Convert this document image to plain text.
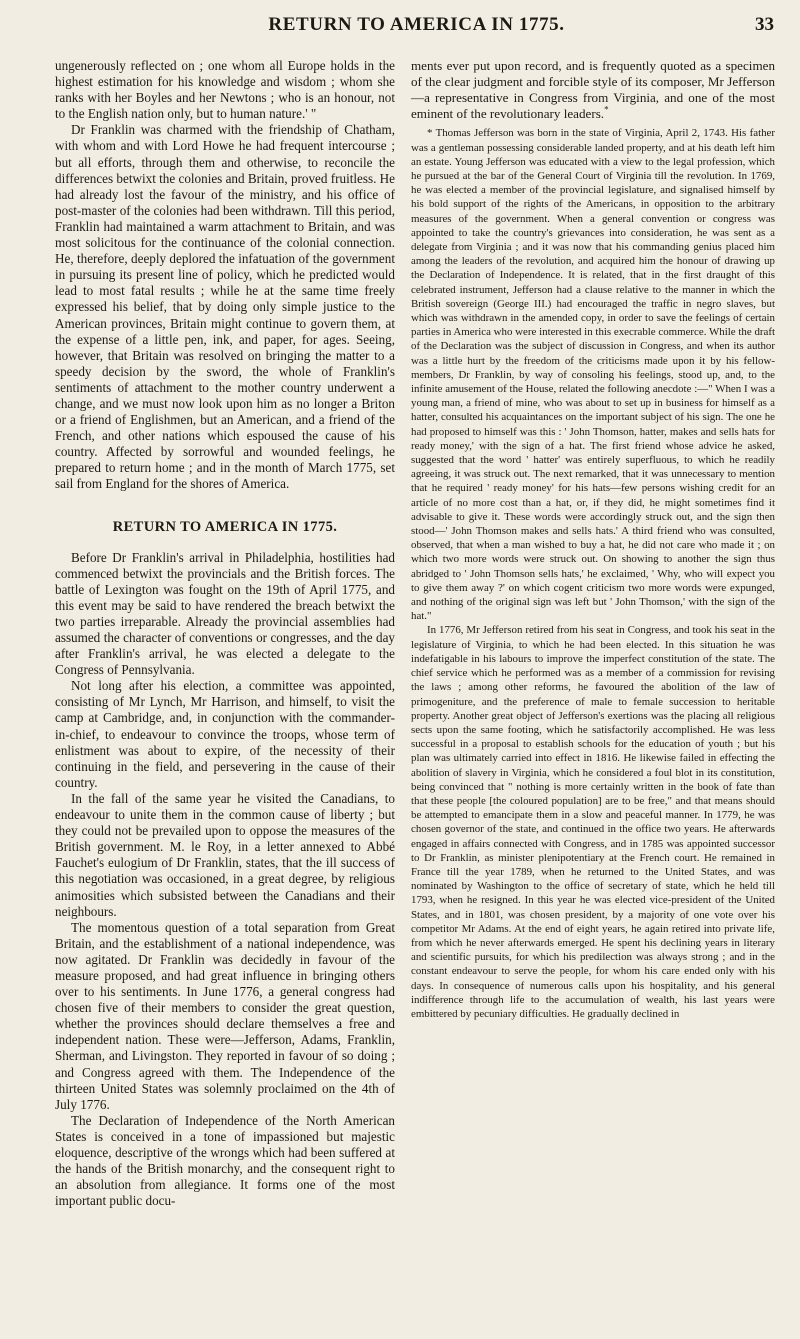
RETURN TO AMERICA IN 1775.	33

ungenerously reflected on ; one whom all Europe holds in the highest estimation for his knowledge and wisdom ; whom she ranks with her Boyles and her Newtons ; who is an honour, not to the English nation only, but to human nature.' "

Dr Franklin was charmed with the friendship of Chatham, with whom and with Lord Howe he had frequent intercourse ; but all efforts, through them and otherwise, to reconcile the differences betwixt the colonies and Britain, proved fruitless. He had already lost the favour of the ministry, and his office of post-master of the colonies had been withdrawn. Till this period, Franklin had maintained a warm attachment to Britain, and was most solicitous for the continuance of the colonial connection. He, therefore, deeply deplored the infatuation of the government in pursuing its present line of policy, which he predicted would lead to most fatal results ; while he at the same time freely expressed his belief, that by doing only simple justice to the American provinces, Britain might continue to govern them, at the expense of a little pen, ink, and paper, for ages. Seeing, however, that Britain was resolved on bringing the matter to a speedy decision by the sword, the whole of Franklin's sentiments of attachment to the mother country underwent a change, and we must now look upon him as no longer a Briton or a friend of Englishmen, but an American, and a friend of the French, and other nations which espoused the cause of his country. Affected by sorrowful and wounded feelings, he prepared to return home ; and in the month of March 1775, set sail from England for the shores of America.

RETURN TO AMERICA IN 1775.

Before Dr Franklin's arrival in Philadelphia, hostilities had commenced betwixt the provincials and the British forces. The battle of Lexington was fought on the 19th of April 1775, and this event may be said to have rendered the breach betwixt the two parties irreparable. Already the provincial assemblies had assumed the character of conventions or congresses, and the day after Franklin's arrival, he was elected a delegate to the Congress of Pennsylvania.

Not long after his election, a committee was appointed, consisting of Mr Lynch, Mr Harrison, and himself, to visit the camp at Cambridge, and, in conjunction with the commander-in-chief, to endeavour to convince the troops, whose term of enlistment was about to expire, of the necessity of their continuing in the field, and persevering in the cause of their country.

In the fall of the same year he visited the Canadians, to endeavour to unite them in the common cause of liberty ; but they could not be prevailed upon to oppose the measures of the British government. M. le Roy, in a letter annexed to Abbé Fauchet's eulogium of Dr Franklin, states, that the ill success of this negotiation was occasioned, in a great degree, by religious animosities which subsisted between the Canadians and their neighbours.

The momentous question of a total separation from Great Britain, and the establishment of a national independence, was now agitated. Dr Franklin was decidedly in favour of the measure proposed, and had great influence in bringing others over to his sentiments. In June 1776, a general congress had chosen five of their members to consider the great question, whether the provinces should declare themselves a free and independent nation. These were—Jefferson, Adams, Franklin, Sherman, and Livingston. They reported in favour of so doing ; and Congress agreed with them. The Independence of the thirteen United States was solemnly proclaimed on the 4th of July 1776.

The Declaration of Independence of the North American States is conceived in a tone of impassioned but majestic eloquence, descriptive of the wrongs which had been suffered at the hands of the British monarchy, and the consequent right to an absolution from allegiance. It forms one of the most important public docu-

ments ever put upon record, and is frequently quoted as a specimen of the clear judgment and forcible style of its composer, Mr Jefferson—a representative in Congress from Virginia, and one of the most eminent of the revolutionary leaders.*

* Thomas Jefferson was born in the state of Virginia, April 2, 1743. His father was a gentleman possessing considerable landed property, and at his death left him an estate. Young Jefferson was educated with a view to the legal profession, which he pursued at the bar of the General Court of Virginia till the revolution. In 1769, he was elected a member of the provincial legislature, and signalised himself by his bold support of the rights of the Americans, in opposition to the arbitrary measures of the government. When a general convention or congress was appointed to take the country's grievances into consideration, he was sent as a delegate from Virginia ; and it was now that his commanding genius placed him among the leaders of the revolution, and acquired him the honour of drawing up the Declaration of Independence. It is related, that in the first draught of this celebrated instrument, Jefferson had a clause relative to the manner in which the British sovereign (George III.) had encouraged the traffic in negro slaves, but which was withdrawn in the amended copy, in order to save the feelings of certain parties in America who were interested in this execrable commerce. While the draft of the Declaration was the subject of discussion in Congress, and when its author was a little hurt by the freedom of the criticisms made upon it by his fellow-members, Dr Franklin, by way of consoling his feelings, stood up, and, to the infinite amusement of the House, related the following anecdote :—" When I was a young man, a friend of mine, who was about to set up in business for himself as a hatter, consulted his acquaintances on the important subject of his sign. The one he had proposed to himself was this : ' John Thomson, hatter, makes and sells hats for ready money,' with the sign of a hat. The first friend whose advice he asked, suggested that the word ' hatter' was entirely superfluous, to which he readily agreeing, it was struck out. The next remarked, that it was unnecessary to mention that he required ' ready money' for his hats—few persons wishing credit for an article of no more cost than a hat, or, if they did, he might sometimes find it advisable to give it. These words were accordingly struck out, and the sign then stood—' John Thomson makes and sells hats.' A third friend who was consulted, observed, that when a man wished to buy a hat, he did not care who made it ; on which two more words were struck out. On showing to another the sign thus abridged to ' John Thomson sells hats,' he exclaimed, ' Why, who will expect you to give them away ?' on which cogent criticism two more words were expunged, and nothing of the original sign was left but ' John Thomson,' with the sign of the hat."

In 1776, Mr Jefferson retired from his seat in Congress, and took his seat in the legislature of Virginia, to which he had been elected. In this situation he was indefatigable in his labours to improve the imperfect constitution of the state. The chief service which he performed was as a member of a commission for revising the laws ; among other reforms, he favoured the abolition of the law of primogeniture, and the preference of male to female succession to heritable property. Another great object of Jefferson's exertions was the placing all religious sects upon the same footing, which he satisfactorily accomplished. He was less successful in a proposal to establish schools for the education of youth ; but his plan was ultimately carried into effect in 1816. He likewise failed in effecting the abolition of slavery in Virginia, which he considered a foul blot in its constitution, being convinced that " nothing is more certainly written in the book of fate than that these people [the coloured population] are to be free," and that means should be attempted to emancipate them in a slow and peaceful manner. In 1779, he was chosen governor of the state, and continued in the office two years. He afterwards engaged in affairs connected with Congress, and in 1785 was appointed successor to Dr Franklin, as minister plenipotentiary at the French court. He remained in France till the year 1789, when he returned to the United States, and was nominated by Washington to the office of secretary of state, which he held till 1793, when he resigned. In this year he was elected vice-president of the United States, and in 1801, was chosen president, by a majority of one vote over his competitor Mr Adams. At the end of eight years, he again retired into private life, from which he never afterwards emerged. He spent his declining years in literary and scientific pursuits, for which his predilection was always strong ; and in the constant endeavour to serve the people, for whom his care ended only with his days. In consequence of numerous calls upon his hospitality, and his general indifference through life to the accumulation of wealth, his last years were embittered by pecuniary difficulties. He gradually declined in
